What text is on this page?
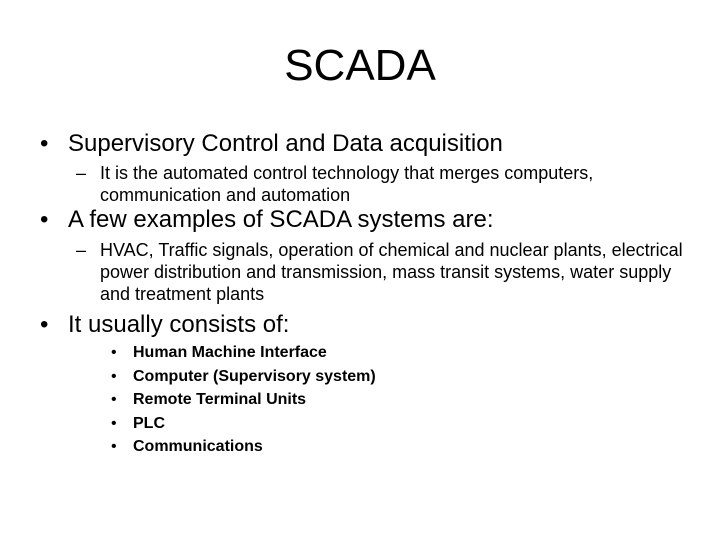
SCADA
• Supervisory Control and Data acquisition
– It is the automated control technology that merges computers, communication and automation
• A few examples of SCADA systems are:
– HVAC, Traffic signals, operation of chemical and nuclear plants, electrical power distribution and transmission, mass transit systems, water supply and treatment plants
• It usually consists of:
• Human Machine Interface
• Computer (Supervisory system)
• Remote Terminal Units
• PLC
• Communications
